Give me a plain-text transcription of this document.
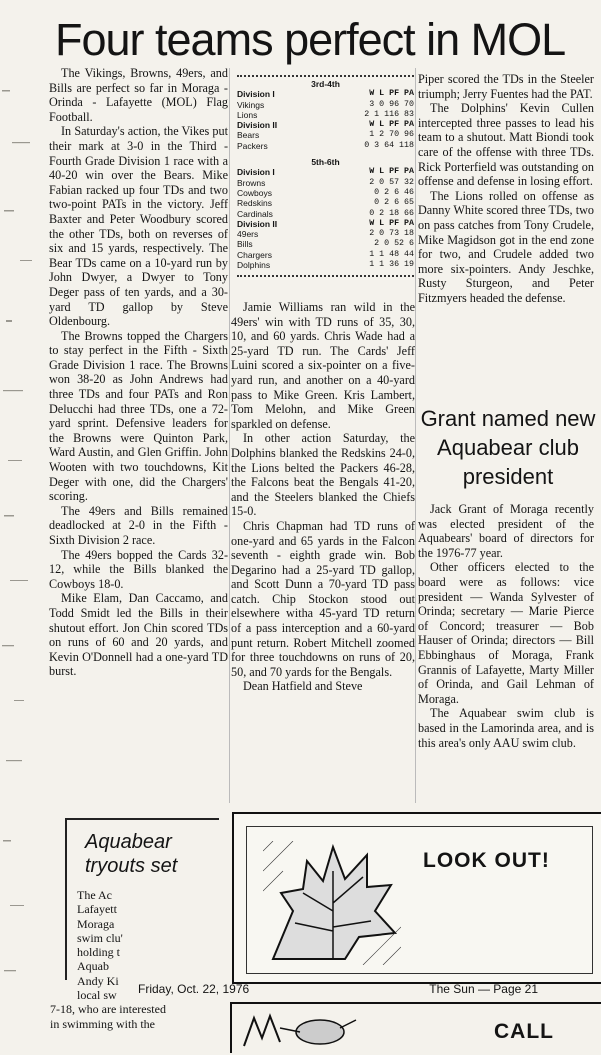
Four teams perfect in MOL

The Vikings, Browns, 49ers, and Bills are perfect so far in Moraga - Orinda - Lafayette (MOL) Flag Football.

In Saturday's action, the Vikes put their mark at 3-0 in the Third - Fourth Grade Division 1 race with a 40-20 win over the Bears. Mike Fabian racked up four TDs and two two-point PATs in the victory. Jeff Baxter and Peter Woodbury scored the other TDs, both on reverses of six and 15 yards, respectively. The Bear TDs came on a 10-yard run by John Dwyer, a Dwyer to Tony Deger pass of ten yards, and a 30-yard TD gallop by Steve Oldenbourg.

The Browns topped the Chargers to stay perfect in the Fifth - Sixth Grade Division 1 race. The Browns won 38-20 as John Andrews had three TDs and four PATs and Ron Delucchi had three TDs, one a 72-yard sprint. Defensive leaders for the Browns were Quinton Park, Ward Austin, and Glen Griffin. John Wooten with two touchdowns, Kit Deger with one, did the Chargers' scoring.

The 49ers and Bills remained deadlocked at 2-0 in the Fifth - Sixth Division 2 race.

The 49ers bopped the Cards 32-12, while the Bills blanked the Cowboys 18-0.

Mike Elam, Dan Caccamo, and Todd Smidt led the Bills in their shutout effort. Jon Chin scored TDs on runs of 60 and 20 yards, and Kevin O'Donnell had a one-yard TD burst.

3rd-4th
Division I	W L PF PA
Vikings	3 0 96 70
Lions	2 1 116 83
Division II	W L PF PA
Bears	1 2 70 96
Packers	0 3 64 118
5th-6th
Division I	W L PF PA
Browns	2 0 57 32
Cowboys	0 2 6 46
Redskins	0 2 6 65
Cardinals	0 2 18 66
Division II	W L PF PA
49ers	2 0 73 18
Bills	2 0 52 6
Chargers	1 1 48 44
Dolphins	1 1 36 19

Jamie Williams ran wild in the 49ers' win with TD runs of 35, 30, 10, and 60 yards. Chris Wade had a 25-yard TD run. The Cards' Jeff Luini scored a six-pointer on a five-yard run, and another on a 40-yard pass to Mike Green. Kris Lambert, Tom Melohn, and Mike Green sparkled on defense.

In other action Saturday, the Dolphins blanked the Redskins 24-0, the Lions belted the Packers 46-28, the Falcons beat the Bengals 41-20, and the Steelers blanked the Chiefs 15-0.

Chris Chapman had TD runs of one-yard and 65 yards in the Falcon seventh - eighth grade win. Bob Degarino had a 25-yard TD gallop, and Scott Dunn a 70-yard TD pass catch. Chip Stockon stood out elsewhere witha 45-yard TD return of a pass interception and a 60-yard punt return. Robert Mitchell zoomed for three touchdowns on runs of 20, 50, and 70 yards for the Bengals.

Dean Hatfield and Steve

Piper scored the TDs in the Steeler triumph; Jerry Fuentes had the PAT.

The Dolphins' Kevin Cullen intercepted three passes to lead his team to a shutout. Matt Biondi took care of the offense with three TDs. Rick Porterfield was outstanding on offense and defense in losing effort.

The Lions rolled on offense as Danny White scored three TDs, two on pass catches from Tony Crudele, Mike Magidson got in the end zone for two, and Crudele added two more six-pointers. Andy Jeschke, Rusty Sturgeon, and Peter Fitzmyers headed the defense.

Grant named new Aquabear club president

Jack Grant of Moraga recently was elected president of the Aquabears' board of directors for the 1976-77 year.

Other officers elected to the board were as follows: vice president — Wanda Sylvester of Orinda; secretary — Marie Pierce of Concord; treasurer — Bob Hauser of Orinda; directors — Bill Ebbinghaus of Moraga, Frank Grannis of Lafayette, Marty Miller of Orinda, and Gail Lehman of Moraga.

The Aquabear swim club is based in the Lamorinda area, and is this area's only AAU swim club.

Aquabear
tryouts set
The Ac
Lafayett
Moraga
swim clu'
holding t
Aquab
Andy Ki
local sw
LOOK OUT!
Friday, Oct. 22, 1976	The Sun — Page 21
7-18, who are interested
in swimming with the	CALL
